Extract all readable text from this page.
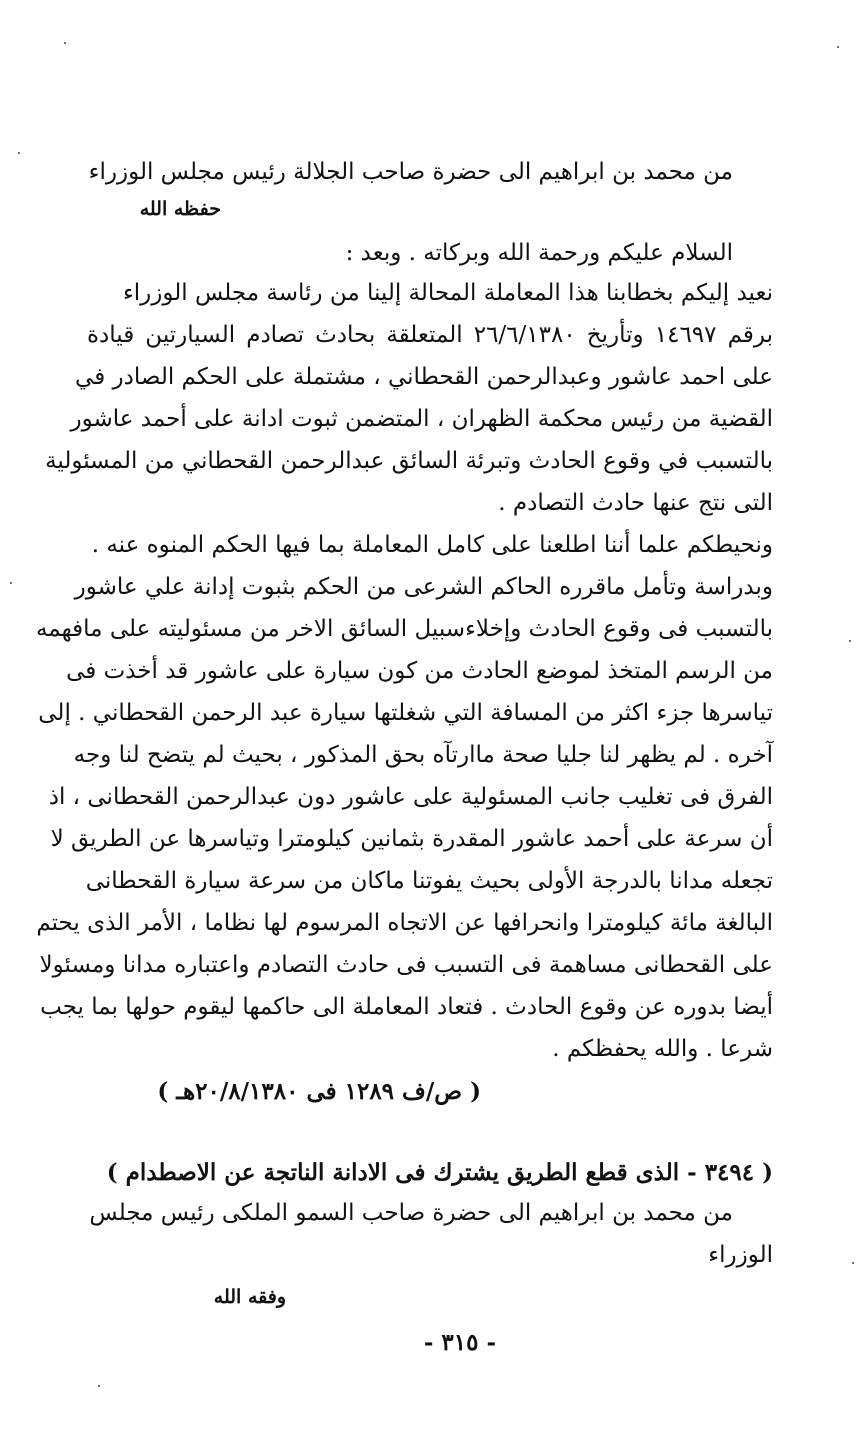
من محمد بن ابراهيم الى حضرة صاحب الجلالة رئيس مجلس الوزراء
حفظه الله
السلام عليكم ورحمة الله وبركاته . وبعد :
نعيد إليكم بخطابنا هذا المعاملة المحالة إلينا من رئاسة مجلس الوزراء
برقم ١٤٦٩٧ وتأريخ ٢٦/٦/١٣٨٠ المتعلقة بحادث تصادم السيارتين قيادة
على احمد عاشور وعبدالرحمن القحطاني ، مشتملة على الحكم الصادر في
القضية من رئيس محكمة الظهران ، المتضمن ثبوت ادانة على أحمد عاشور
بالتسبب في وقوع الحادث وتبرئة السائق عبدالرحمن القحطاني من المسئولية
التى نتج عنها حادث التصادم .
ونحيطكم علما أننا اطلعنا على كامل المعاملة بما فيها الحكم المنوه عنه .
وبدراسة وتأمل ماقرره الحاكم الشرعى من الحكم بثبوت إدانة علي عاشور
بالتسبب فى وقوع الحادث وإخلاءسبيل السائق الاخر من مسئوليته على مافهمه
من الرسم المتخذ لموضع الحادث من كون سيارة على عاشور قد أخذت فى
تياسرها جزء اكثر من المسافة التي شغلتها سيارة عبد الرحمن القحطاني . إلى
آخره . لم يظهر لنا جليا صحة ماارتآه بحق المذكور ، بحيث لم يتضح لنا وجه
الفرق فى تغليب جانب المسئولية على عاشور دون عبدالرحمن القحطانى ، اذ
أن سرعة على أحمد عاشور المقدرة بثمانين كيلومترا وتياسرها عن الطريق لا
تجعله مدانا بالدرجة الأولى بحيث يفوتنا ماكان من سرعة سيارة القحطانى
البالغة مائة كيلومترا وانحرافها عن الاتجاه المرسوم لها نظاما ، الأمر الذى يحتم
على القحطانى مساهمة فى التسبب فى حادث التصادم واعتباره مدانا ومسئولا
أيضا بدوره عن وقوع الحادث . فتعاد المعاملة الى حاكمها ليقوم حولها بما يجب
شرعا . والله يحفظكم .
( ص/ف ١٢٨٩ فى ٢٠/٨/١٣٨٠هـ )
( ٣٤٩٤ - الذى قطع الطريق يشترك فى الادانة الناتجة عن الاصطدام )
من محمد بن ابراهيم الى حضرة صاحب السمو الملكى رئيس مجلس
الوزراء
وفقه الله
- ٣١٥ -
